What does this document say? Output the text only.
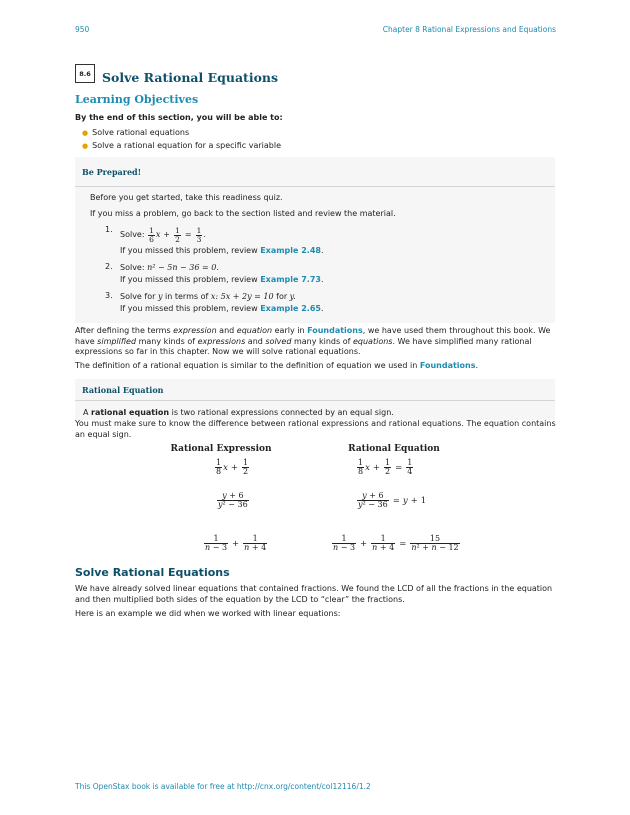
950	Chapter 8 Rational Expressions and Equations
8.6 Solve Rational Equations
Learning Objectives

By the end of this section, you will be able to:

● Solve rational equations
● Solve a rational equation for a specific variable
Be Prepared!

Before you get started, take this readiness quiz.

If you miss a problem, go back to the section listed and review the material.

1.
Solve:
$\frac{1}{6}$ $x + \frac{1}{2} = \frac{1}{3}$ .
If you missed this problem, review Example 2.48.
2. Solve: n² − 5n − 36 = 0.
If you missed this problem, review Example 7.73.
3. Solve for y in terms of x: 5x + 2y = 10 for y.
If you missed this problem, review Example 2.65.

After defining the terms expression and equation early in Foundations, we have used them throughout this book. We have simplified many kinds of expressions and solved many kinds of equations. We have simplified many rational expressions so far in this chapter. Now we will solve rational equations.

The definition of a rational equation is similar to the definition of equation we used in Foundations.

Rational Equation
A rational equation is two rational expressions connected by an equal sign.

You must make sure to know the difference between rational expressions and rational equations. The equation contains an equal sign.

Rational Expression	Rational Equation
$\frac{1}{8}$ $x + \frac{1}{2}$	$\frac{1}{8}$ $x + \frac{1}{2} = \frac{1}{4}$
$\frac{y + 6}{\text{y² − 36}}$	$\frac{y + 6}{\text{y² − 36}} = y + 1$
$\frac{1}{n - 3} + \frac{1}{n + 4}$	$\frac{1}{n - 3} + \frac{1}{n + 4} = \frac{15}{\text{n² + n − 12}}$
Solve Rational Equations

We have already solved linear equations that contained fractions. We found the LCD of all the fractions in the equation and then multiplied both sides of the equation by the LCD to “clear” the fractions.

Here is an example we did when we worked with linear equations:

This OpenStax book is available for free at http://cnx.org/content/col12116/1.2
